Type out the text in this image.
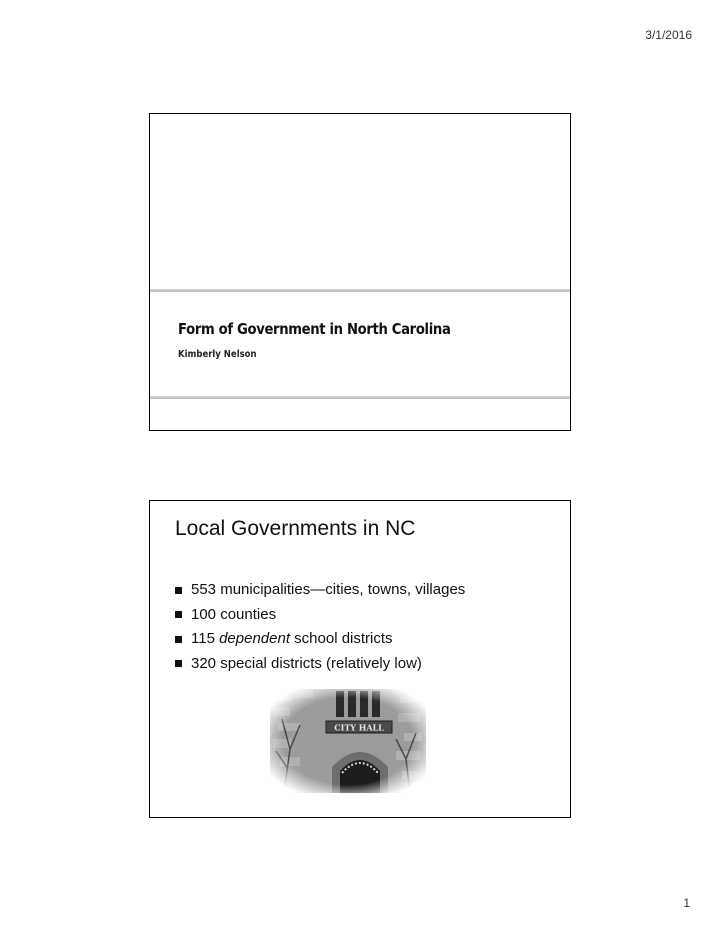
3/1/2016
Form of Government in North Carolina
Kimberly Nelson
Local Governments in NC
553 municipalities—cities, towns, villages
100 counties
115 dependent school districts
320 special districts (relatively low)
1
